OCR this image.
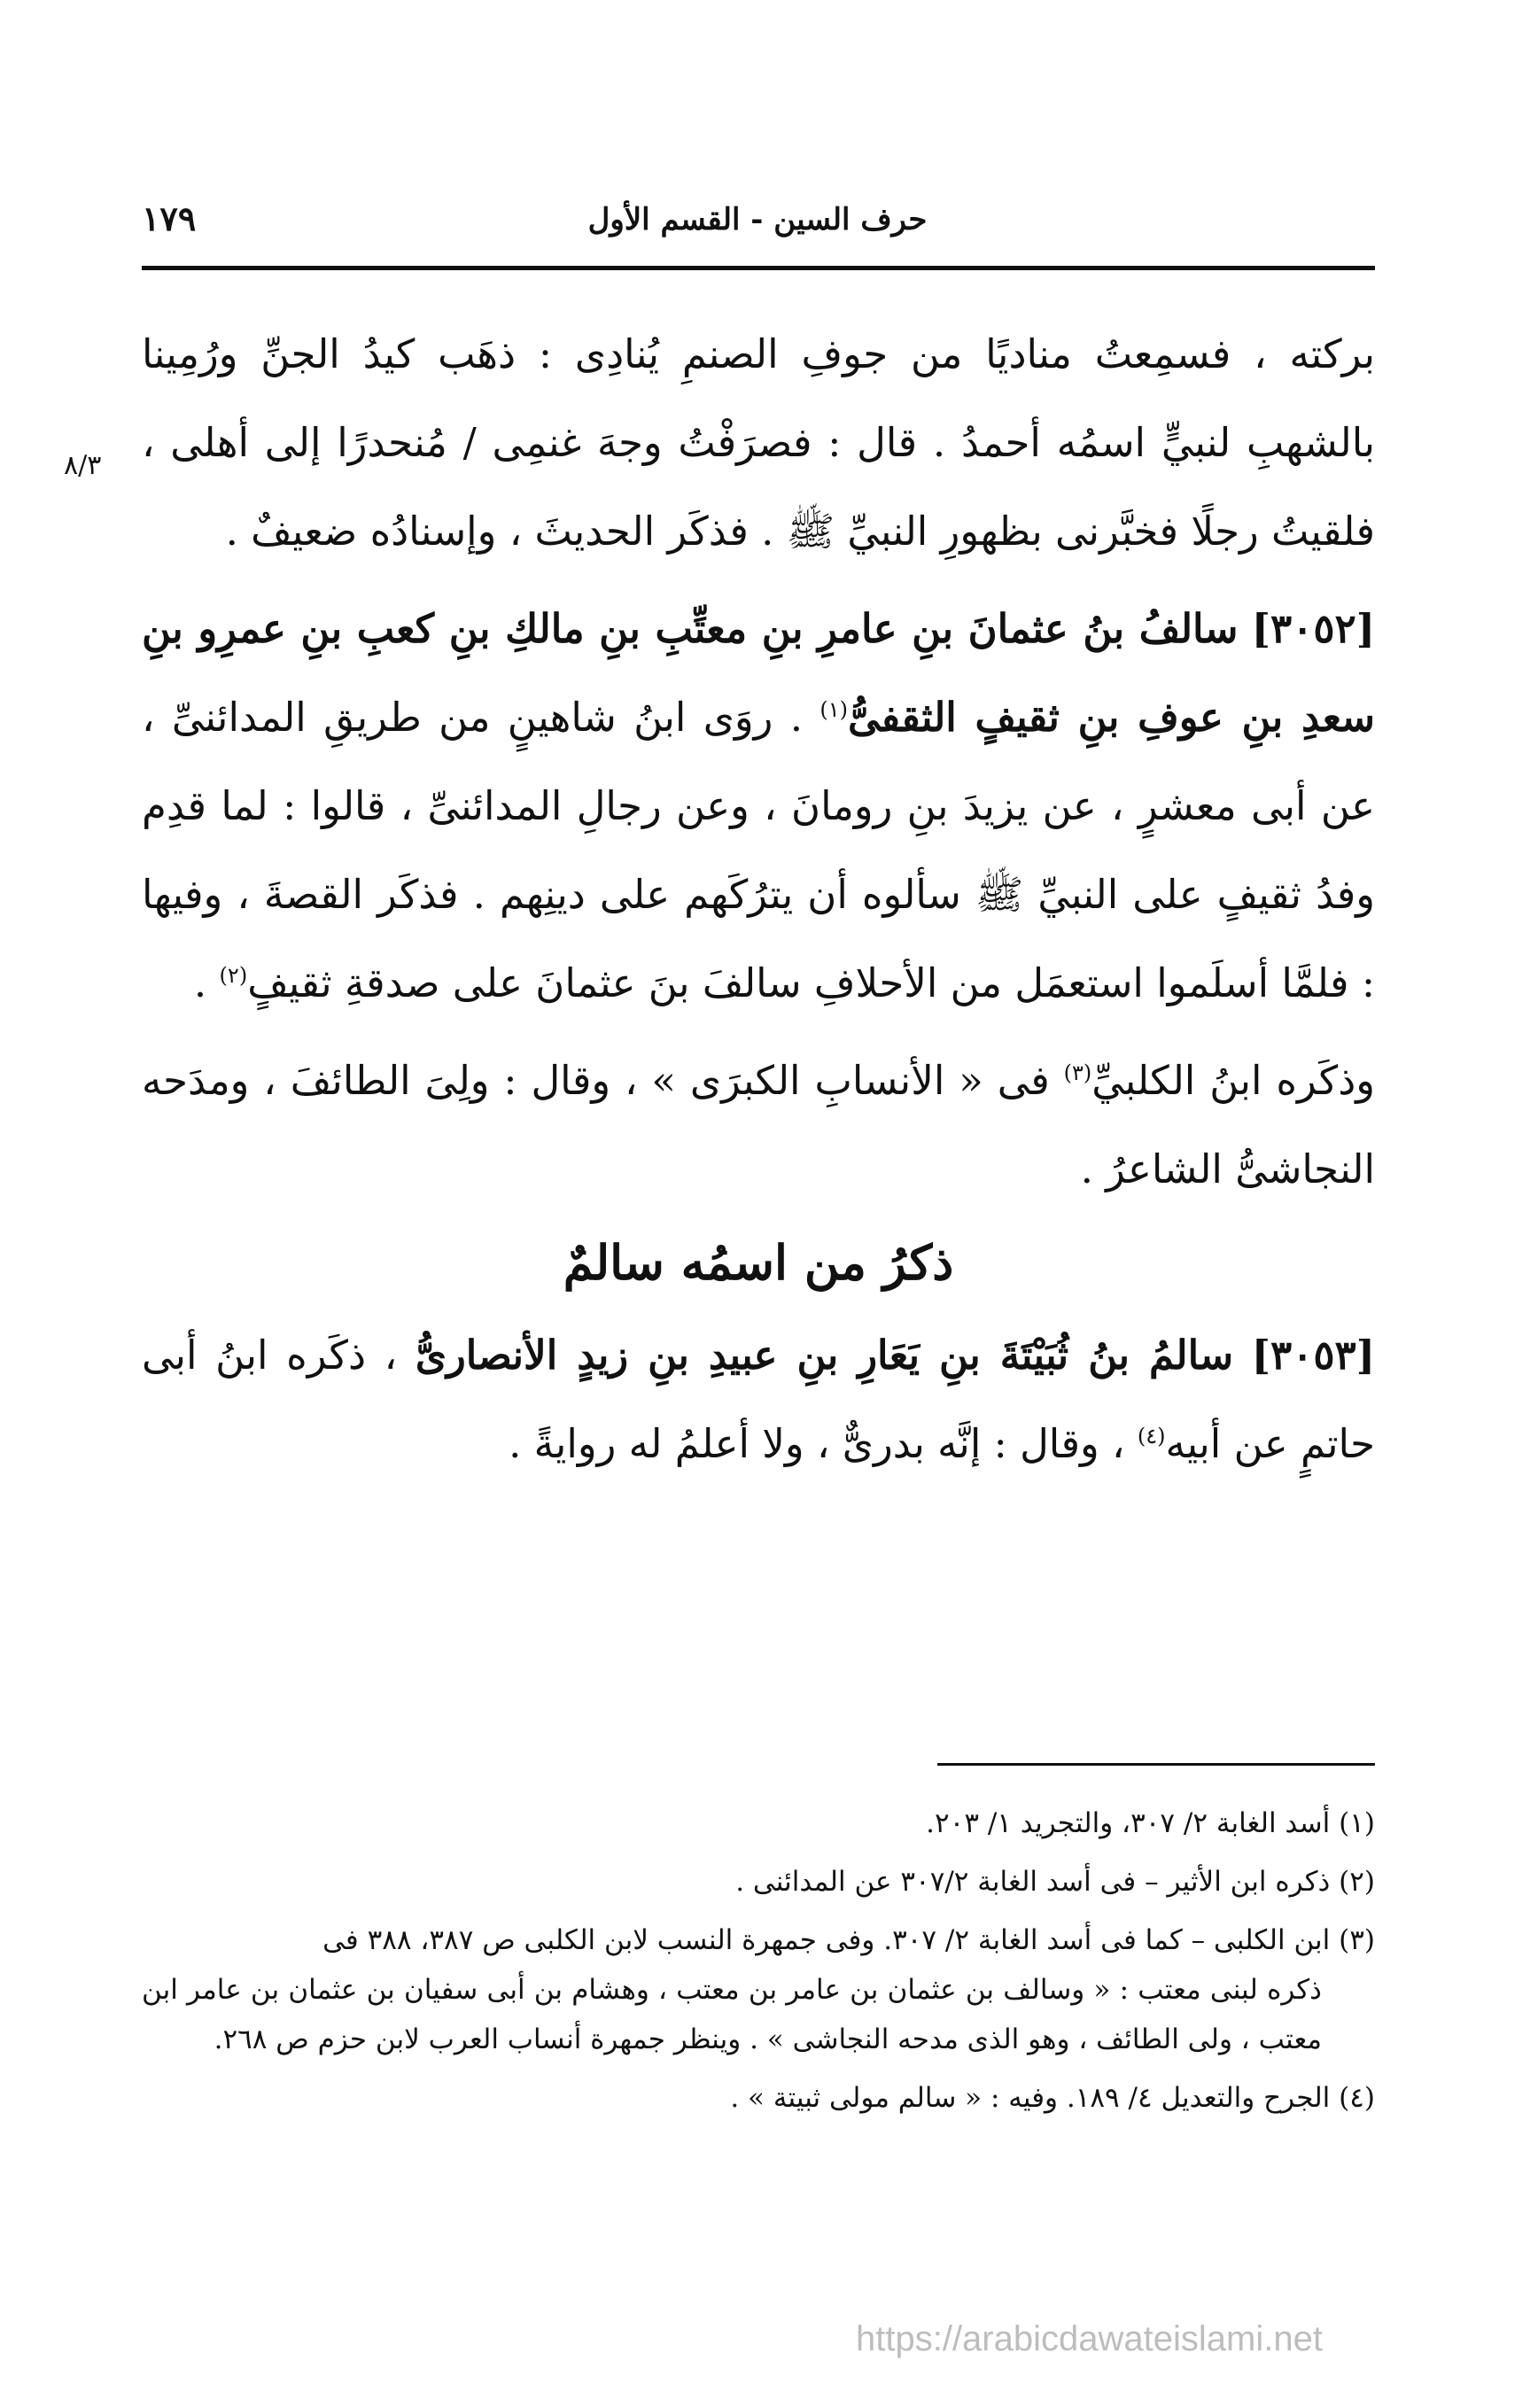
حرف السين - القسم الأول
١٧٩
٨/٣

بركته ، فسمِعتُ مناديًا من جوفِ الصنمِ يُنادِى : ذهَب كيدُ الجنِّ ورُمِينا بالشهبِ لنبيٍّ اسمُه أحمدُ . قال : فصرَفْتُ وجهَ غنمِى / مُنحدرًا إلى أهلى ، فلقيتُ رجلًا فخبَّرنى بظهورِ النبيِّ ﷺ . فذكَر الحديثَ ، وإسنادُه ضعيفٌ .

[٣٠٥٢] سالفُ بنُ عثمانَ بنِ عامرِ بنِ معتِّبِ بنِ مالكِ بنِ كعبِ بنِ عمرِو بنِ سعدِ بنِ عوفِ بنِ ثقيفٍ الثقفىُّ$^{(١)}$ . روَى ابنُ شاهينٍ من طريقِ المدائنىِّ ، عن أبى معشرٍ ، عن يزيدَ بنِ رومانَ ، وعن رجالِ المدائنىِّ ، قالوا : لما قدِم وفدُ ثقيفٍ على النبيِّ ﷺ سألوه أن يترُكَهم على دينِهم . فذكَر القصةَ ، وفيها : فلمَّا أسلَموا استعمَل من الأحلافِ سالفَ بنَ عثمانَ على صدقةِ ثقيفٍ$^{(٢)}$ .

وذكَره ابنُ الكلبيِّ$^{(٣)}$ فى « الأنسابِ الكبرَى » ، وقال : ولِىَ الطائفَ ، ومدَحه النجاشىُّ الشاعرُ .

ذكرُ من اسمُه سالمٌ

[٣٠٥٣] سالمُ بنُ ثُبَيْتَةَ بنِ يَعَارِ بنِ عبيدِ بنِ زيدٍ الأنصارىُّ ، ذكَره ابنُ أبى حاتمٍ عن أبيه$^{(٤)}$ ، وقال : إنَّه بدرىٌّ ، ولا أعلمُ له روايةً .

(١) أسد الغابة ٢/ ٣٠٧، والتجريد ١/ ٢٠٣.

(٢) ذكره ابن الأثير – فى أسد الغابة ٣٠٧/٢ عن المدائنى .

(٣) ابن الكلبى – كما فى أسد الغابة ٢/ ٣٠٧. وفى جمهرة النسب لابن الكلبى ص ٣٨٧، ٣٨٨ فى

ذكره لبنى معتب : « وسالف بن عثمان بن عامر بن معتب ، وهشام بن أبى سفيان بن عثمان بن عامر ابن معتب ، ولى الطائف ، وهو الذى مدحه النجاشى » . وينظر جمهرة أنساب العرب لابن حزم ص ٢٦٨.

(٤) الجرح والتعديل ٤/ ١٨٩. وفيه : « سالم مولى ثبيتة » .

https://arabicdawateislami.net
